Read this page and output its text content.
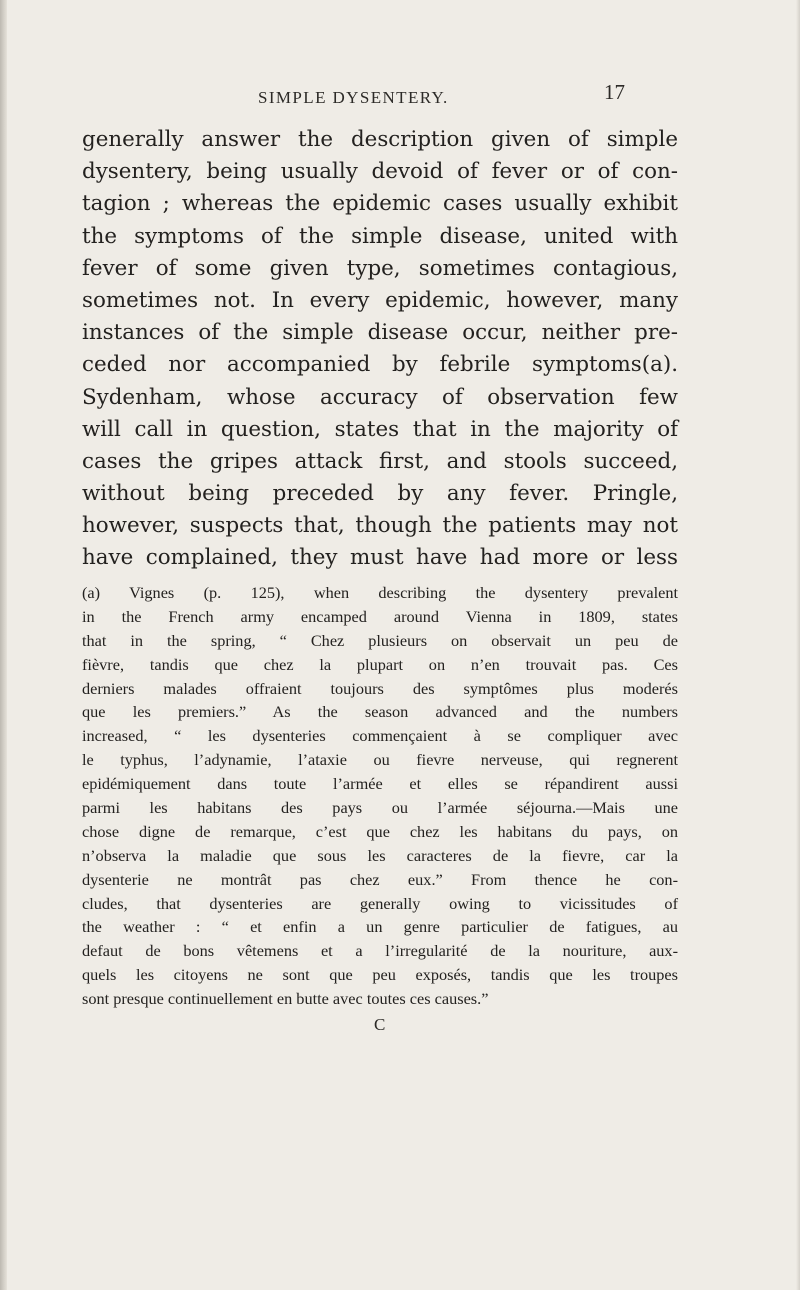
SIMPLE DYSENTERY.	17
generally answer the description given of simple
dysentery, being usually devoid of fever or of con-
tagion ; whereas the epidemic cases usually exhibit
the symptoms of the simple disease, united with
fever of some given type, sometimes contagious,
sometimes not. In every epidemic, however, many
instances of the simple disease occur, neither pre-
ceded nor accompanied by febrile symptoms(a).
Sydenham, whose accuracy of observation few
will call in question, states that in the majority of
cases the gripes attack first, and stools succeed,
without being preceded by any fever. Pringle,
however, suspects that, though the patients may not
have complained, they must have had more or less
(a) Vignes (p. 125), when describing the dysentery prevalent
in the French army encamped around Vienna in 1809, states
that in the spring, “ Chez plusieurs on observait un peu de
fièvre, tandis que chez la plupart on n’en trouvait pas. Ces
derniers malades offraient toujours des symptômes plus moderés
que les premiers.” As the season advanced and the numbers
increased, “ les dysenteries commençaient à se compliquer avec
le typhus, l’adynamie, l’ataxie ou fievre nerveuse, qui regnerent
epidémiquement dans toute l’armée et elles se répandirent aussi
parmi les habitans des pays ou l’armée séjourna.—Mais une
chose digne de remarque, c’est que chez les habitans du pays, on
n’observa la maladie que sous les caracteres de la fievre, car la
dysenterie ne montrât pas chez eux.” From thence he con-
cludes, that dysenteries are generally owing to vicissitudes of
the weather : “ et enfin a un genre particulier de fatigues, au
defaut de bons vêtemens et a l’irregularité de la nouriture, aux-
quels les citoyens ne sont que peu exposés, tandis que les troupes
sont presque continuellement en butte avec toutes ces causes.”
C
